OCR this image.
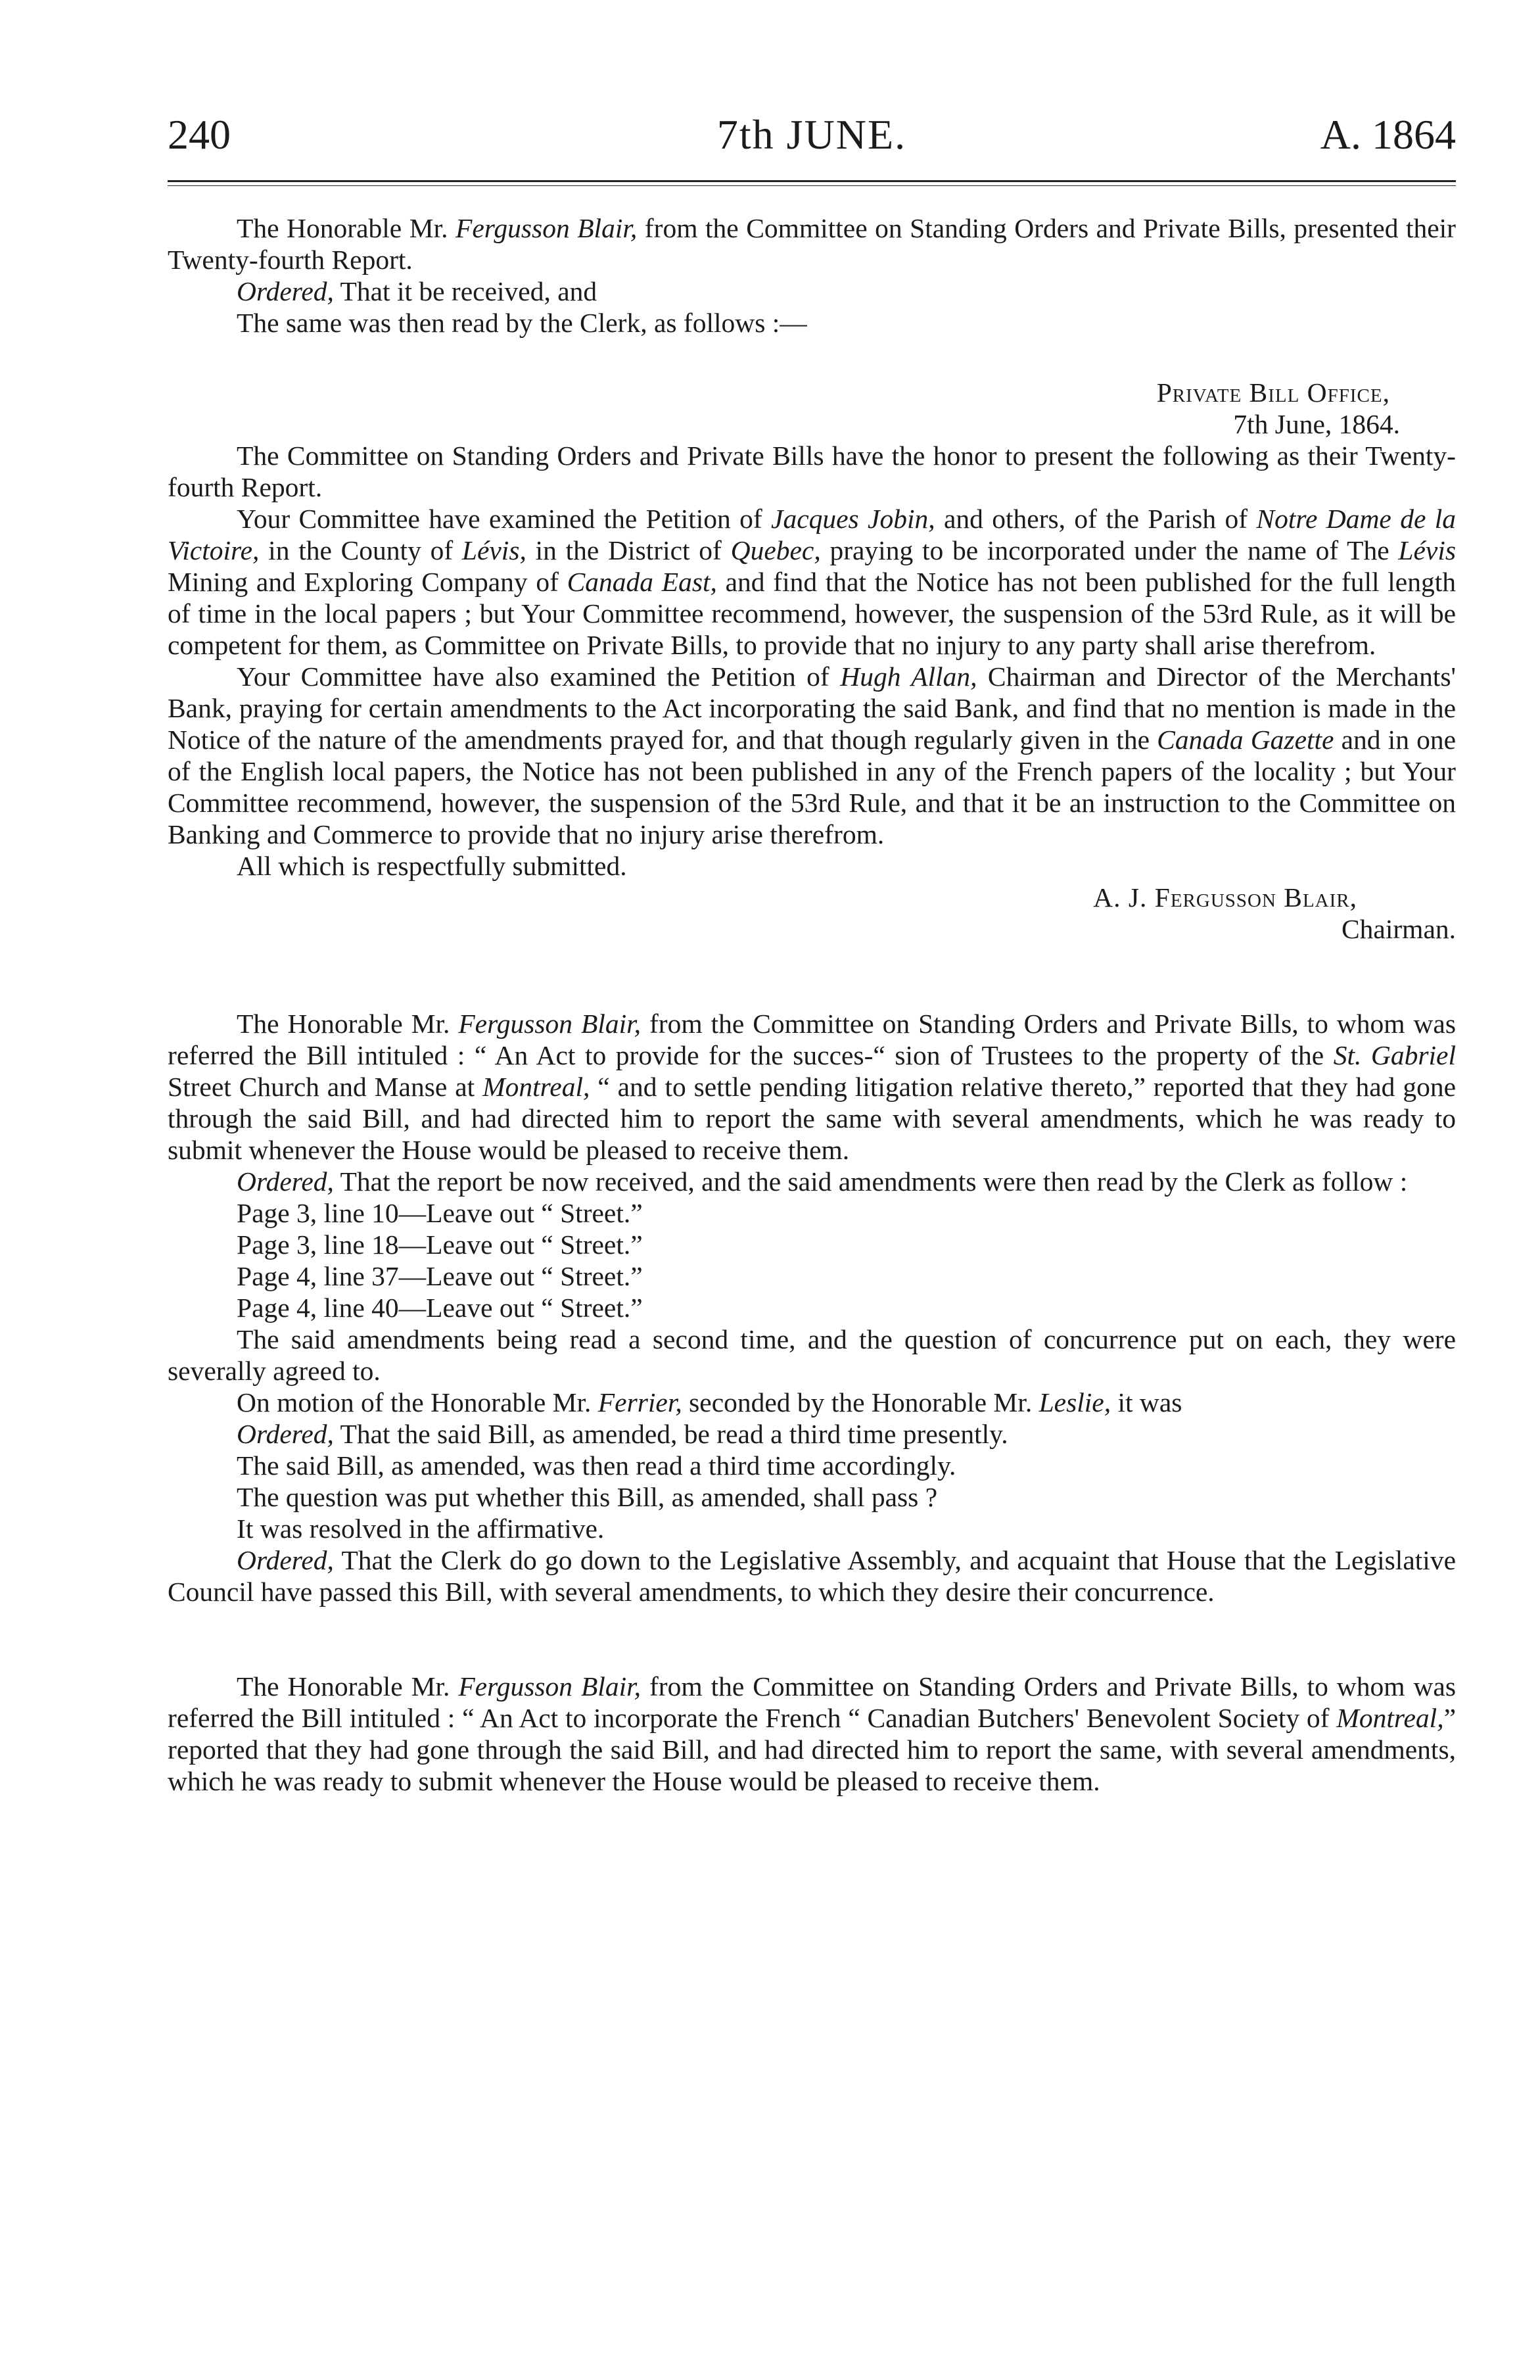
240	7th JUNE.	A. 1864

The Honorable Mr. Fergusson Blair, from the Committee on Standing Orders and Private Bills, presented their Twenty-fourth Report.

Ordered, That it be received, and

The same was then read by the Clerk, as follows :—

Private Bill Office,
7th June, 1864.

The Committee on Standing Orders and Private Bills have the honor to present the following as their Twenty-fourth Report.

Your Committee have examined the Petition of Jacques Jobin, and others, of the Parish of Notre Dame de la Victoire, in the County of Lévis, in the District of Quebec, praying to be incorporated under the name of The Lévis Mining and Exploring Company of Canada East, and find that the Notice has not been published for the full length of time in the local papers ; but Your Committee recommend, however, the suspension of the 53rd Rule, as it will be competent for them, as Committee on Private Bills, to provide that no injury to any party shall arise therefrom.

Your Committee have also examined the Petition of Hugh Allan, Chairman and Director of the Merchants' Bank, praying for certain amendments to the Act incorporating the said Bank, and find that no mention is made in the Notice of the nature of the amendments prayed for, and that though regularly given in the Canada Gazette and in one of the English local papers, the Notice has not been published in any of the French papers of the locality ; but Your Committee recommend, however, the suspension of the 53rd Rule, and that it be an instruction to the Committee on Banking and Commerce to provide that no injury arise therefrom.

All which is respectfully submitted.

A. J. Fergusson Blair,
Chairman.

The Honorable Mr. Fergusson Blair, from the Committee on Standing Orders and Private Bills, to whom was referred the Bill intituled : “ An Act to provide for the succes-“ sion of Trustees to the property of the St. Gabriel Street Church and Manse at Montreal, “ and to settle pending litigation relative thereto,” reported that they had gone through the said Bill, and had directed him to report the same with several amendments, which he was ready to submit whenever the House would be pleased to receive them.

Ordered, That the report be now received, and the said amendments were then read by the Clerk as follow :

Page 3, line 10—Leave out “ Street.”
Page 3, line 18—Leave out “ Street.”
Page 4, line 37—Leave out “ Street.”
Page 4, line 40—Leave out “ Street.”

The said amendments being read a second time, and the question of concurrence put on each, they were severally agreed to.

On motion of the Honorable Mr. Ferrier, seconded by the Honorable Mr. Leslie, it was

Ordered, That the said Bill, as amended, be read a third time presently.

The said Bill, as amended, was then read a third time accordingly.

The question was put whether this Bill, as amended, shall pass ?

It was resolved in the affirmative.

Ordered, That the Clerk do go down to the Legislative Assembly, and acquaint that House that the Legislative Council have passed this Bill, with several amendments, to which they desire their concurrence.

The Honorable Mr. Fergusson Blair, from the Committee on Standing Orders and Private Bills, to whom was referred the Bill intituled : “ An Act to incorporate the French “ Canadian Butchers' Benevolent Society of Montreal,” reported that they had gone through the said Bill, and had directed him to report the same, with several amendments, which he was ready to submit whenever the House would be pleased to receive them.
